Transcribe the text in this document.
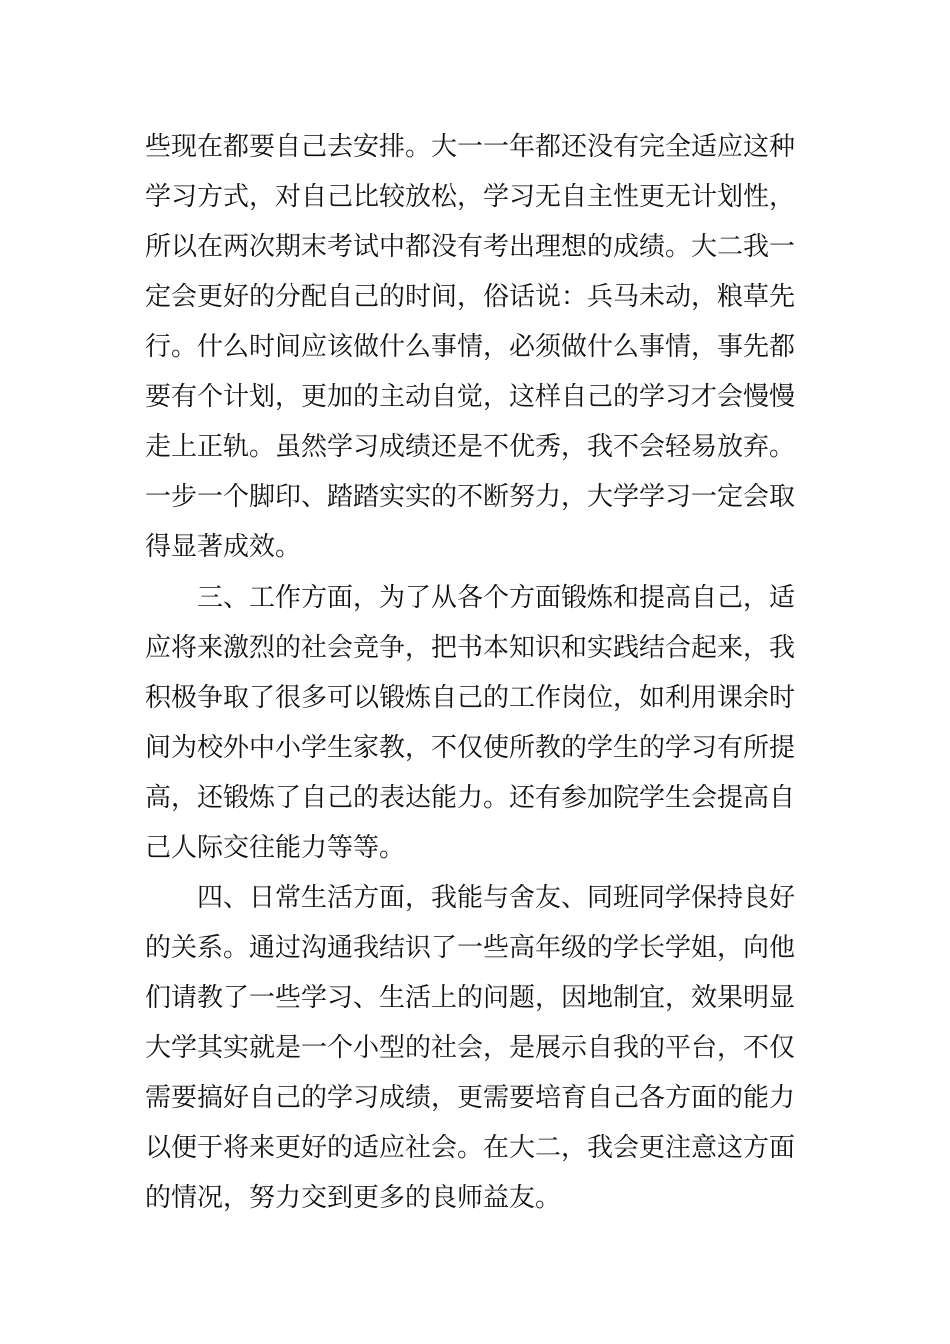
些现在都要自己去安排。大一一年都还没有完全适应这种
学习方式，对自己比较放松，学习无自主性更无计划性，
所以在两次期末考试中都没有考出理想的成绩。大二我一
定会更好的分配自己的时间，俗话说：兵马未动，粮草先
行。什么时间应该做什么事情，必须做什么事情，事先都
要有个计划，更加的主动自觉，这样自己的学习才会慢慢
走上正轨。虽然学习成绩还是不优秀，我不会轻易放弃。
一步一个脚印、踏踏实实的不断努力，大学学习一定会取
得显著成效。
三、工作方面，为了从各个方面锻炼和提高自己，适
应将来激烈的社会竞争，把书本知识和实践结合起来，我
积极争取了很多可以锻炼自己的工作岗位，如利用课余时
间为校外中小学生家教，不仅使所教的学生的学习有所提
高，还锻炼了自己的表达能力。还有参加院学生会提高自
己人际交往能力等等。
四、日常生活方面，我能与舍友、同班同学保持良好
的关系。通过沟通我结识了一些高年级的学长学姐，向他
们请教了一些学习、生活上的问题，因地制宜，效果明显
大学其实就是一个小型的社会，是展示自我的平台，不仅
需要搞好自己的学习成绩，更需要培育自己各方面的能力
以便于将来更好的适应社会。在大二，我会更注意这方面
的情况，努力交到更多的良师益友。
